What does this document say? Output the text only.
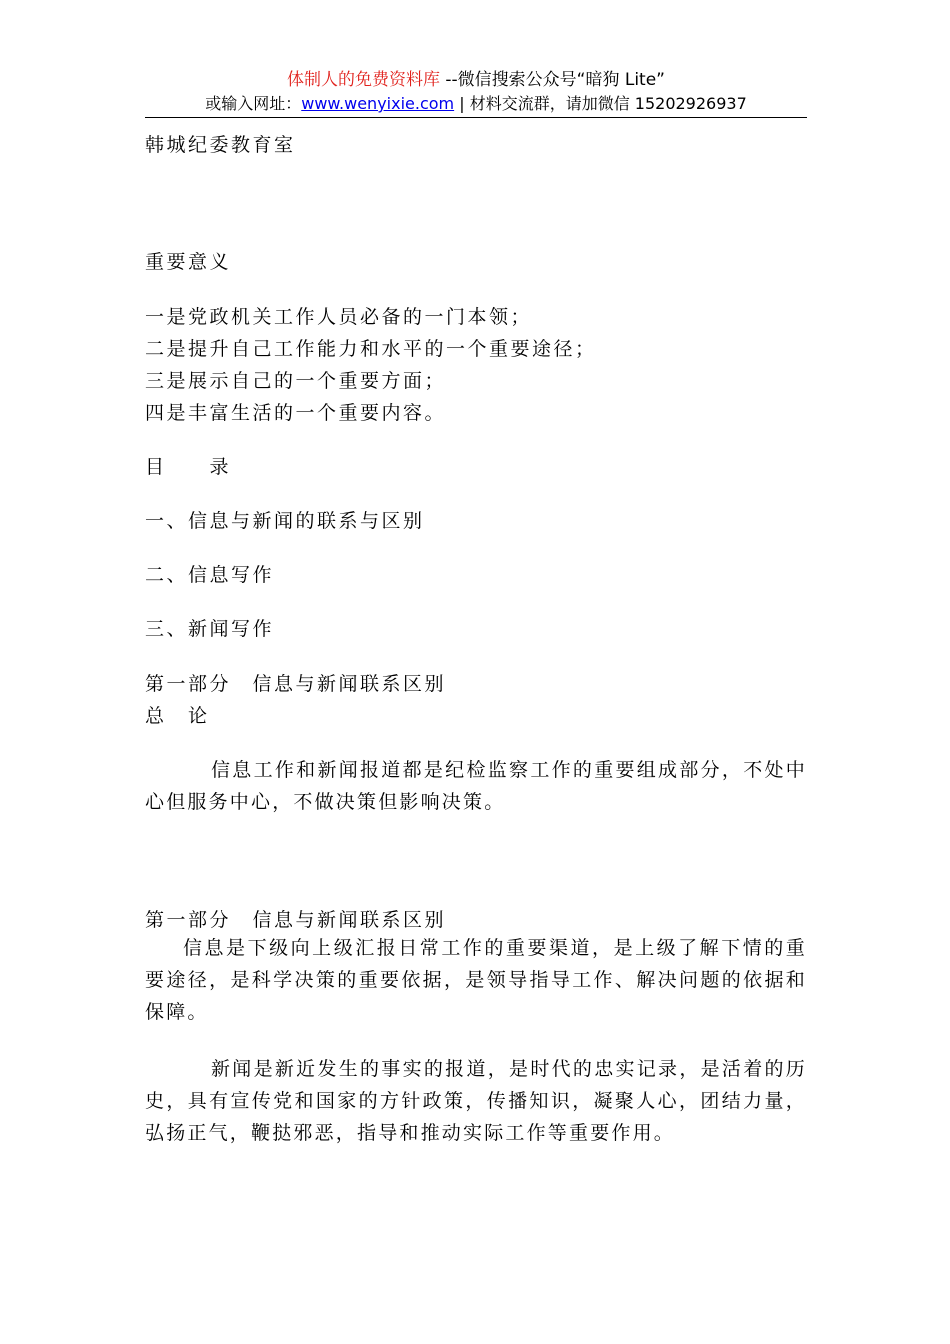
体制人的免费资料库 --微信搜索公众号“暗狗 Lite”
或输入网址：www.wenyixie.com | 材料交流群，请加微信 15202926937
韩城纪委教育室
重要意义
一是党政机关工作人员必备的一门本领；
二是提升自己工作能力和水平的一个重要途径；
三是展示自己的一个重要方面；
四是丰富生活的一个重要内容。
目　　录
一、信息与新闻的联系与区别
二、信息写作
三、新闻写作
第一部分　信息与新闻联系区别
总　论
信息工作和新闻报道都是纪检监察工作的重要组成部分，不处中心但服务中心，不做决策但影响决策。
第一部分　信息与新闻联系区别
信息是下级向上级汇报日常工作的重要渠道，是上级了解下情的重要途径，是科学决策的重要依据，是领导指导工作、解决问题的依据和保障。
新闻是新近发生的事实的报道，是时代的忠实记录，是活着的历史，具有宣传党和国家的方针政策，传播知识，凝聚人心，团结力量，弘扬正气，鞭挞邪恶，指导和推动实际工作等重要作用。
